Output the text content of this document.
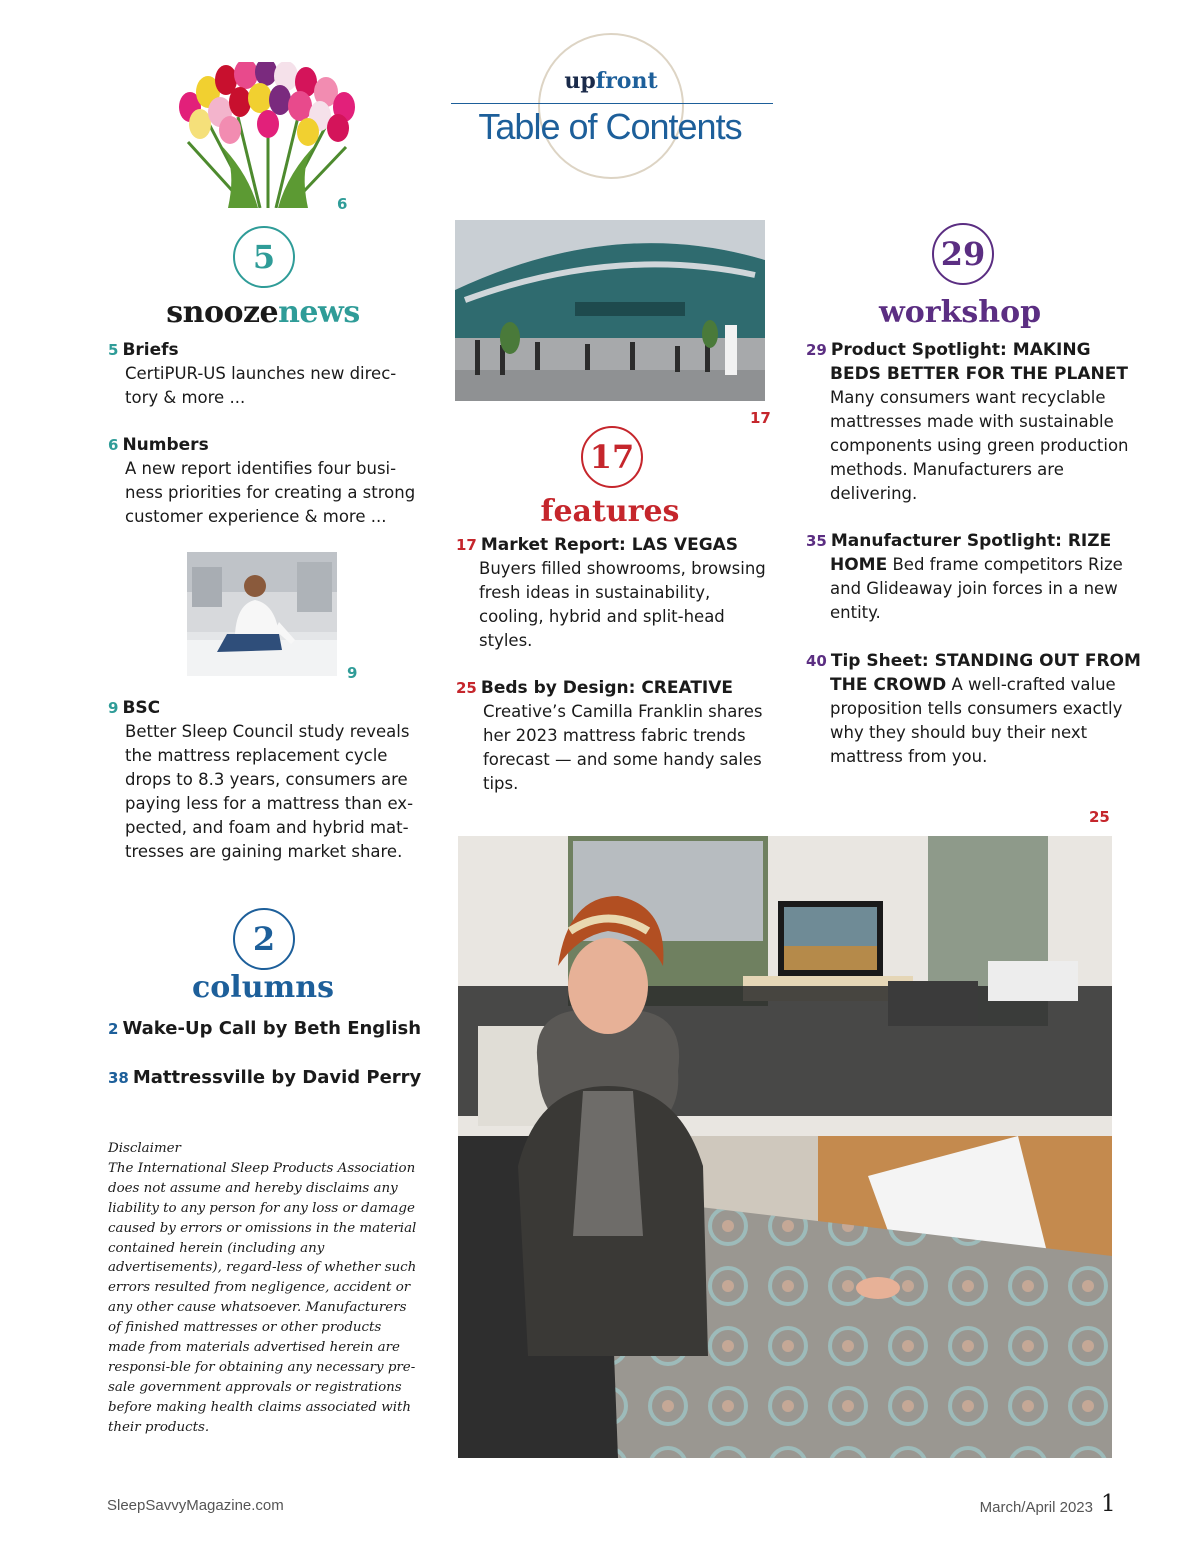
upfront
Table of Contents
6
5
snoozenews
5 Briefs
CertiPUR-US launches new direc-tory & more ...
6 Numbers
A new report identifies four busi-ness priorities for creating a strong customer experience & more ...
9
9 BSC
Better Sleep Council study reveals the mattress replacement cycle drops to 8.3 years, consumers are paying less for a mattress than ex-pected, and foam and hybrid mat-tresses are gaining market share.
2
columns
2 Wake-Up Call by Beth English
38 Mattressville by David Perry
Disclaimer
The International Sleep Products Association does not assume and hereby disclaims any liability to any person for any loss or damage caused by errors or omissions in the material contained herein (including any advertisements), regard-less of whether such errors resulted from negligence, accident or any other cause whatsoever. Manufacturers of finished mattresses or other products made from materials advertised herein are responsi-ble for obtaining any necessary pre-sale government approvals or registrations before making health claims associated with their products.
17
17
features
17 Market Report: LAS VEGAS
Buyers filled showrooms, browsing fresh ideas in sustainability, cooling, hybrid and split-head styles.
25 Beds by Design: CREATIVE
Creative’s Camilla Franklin shares her 2023 mattress fabric trends forecast — and some handy sales tips.
29
workshop
29 Product Spotlight: MAKING BEDS BETTER FOR THE PLANET Many consumers want recyclable mattresses made with sustainable components using green production methods. Manufacturers are delivering.
35 Manufacturer Spotlight: RIZE HOME Bed frame competitors Rize and Glideaway join forces in a new entity.
40 Tip Sheet: STANDING OUT FROM THE CROWD A well-crafted value proposition tells consumers exactly why they should buy their next mattress from you.
25
SleepSavvyMagazine.com	March/April 2023 1
